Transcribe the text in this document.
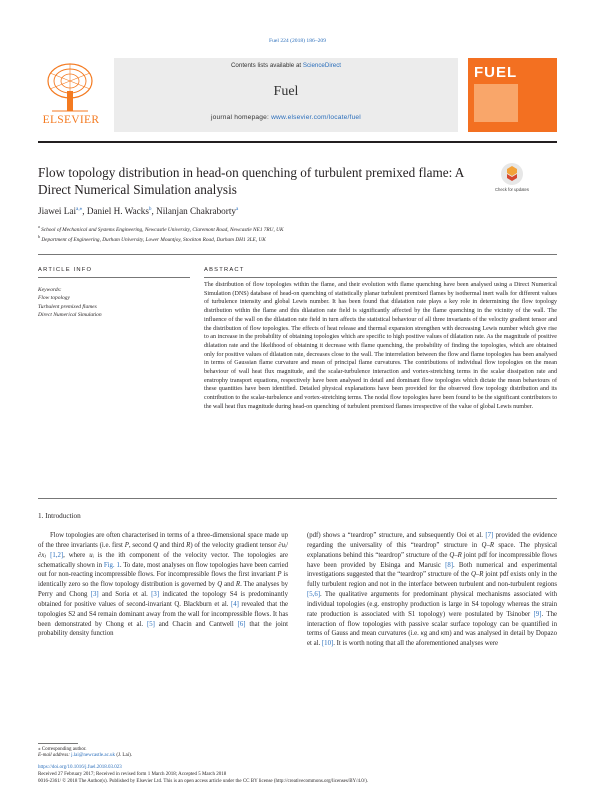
Fuel 224 (2018) 186–209
ELSEVIER
Contents lists available at ScienceDirect
Fuel
journal homepage: www.elsevier.com/locate/fuel
FUEL
Flow topology distribution in head-on quenching of turbulent premixed flame: A Direct Numerical Simulation analysis	Check for updates
Jiawei Lai$^{a,⁎}$, Daniel H. Wacks$^b$, Nilanjan Chakraborty$^a$
$^a$ School of Mechanical and Systems Engineering, Newcastle University, Claremont Road, Newcastle NE1 7RU, UK
$^b$ Department of Engineering, Durham University, Lower Mountjoy, Stockton Road, Durham DH1 3LE, UK
ARTICLE INFO	ABSTRACT
Keywords:
Flow topology
Turbulent premixed flames
Direct Numerical Simulation
The distribution of flow topologies within the flame, and their evolution with flame quenching have been analysed using a Direct Numerical Simulation (DNS) database of head-on quenching of statistically planar turbulent premixed flames by isothermal inert walls for different values of turbulence intensity and global Lewis number. It has been found that dilatation rate plays a key role in determining the flow topology distribution within the flame and this dilatation rate field is significantly affected by the flame quenching in the vicinity of the wall. The influence of the wall on the dilatation rate field in turn affects the statistical behaviour of all three invariants of the velocity gradient tensor and the distribution of flow topologies. The effects of heat release and thermal expansion strengthen with decreasing Lewis number which give rise to an increase in the probability of obtaining topologies which are specific to high positive values of dilatation rate. As the magnitude of positive dilatation rate and the likelihood of obtaining it decrease with flame quenching, the probability of finding the topologies, which are obtained only for positive values of dilatation rate, decreases close to the wall. The interrelation between the flow and flame topologies has been analysed in terms of Gaussian flame curvature and mean of principal flame curvatures. The contributions of individual flow topologies on the mean behaviour of wall heat flux magnitude, and the scalar-turbulence interaction and vortex-stretching terms in the scalar dissipation rate and enstrophy transport equations, respectively have been analysed in detail and dominant flow topologies which dictate the mean behaviours of these quantities have been identified. Detailed physical explanations have been provided for the observed flow topology distribution and its contribution to the scalar-turbulence and vortex-stretching terms. The nodal flow topologies have been found to be the significant contributors to the wall heat flux magnitude during head-on quenching of turbulent premixed flames irrespective of the value of global Lewis number.
1. Introduction
Flow topologies are often characterised in terms of a three-dimensional space made up of the three invariants (i.e. first P, second Q and third R) of the velocity gradient tensor ∂uᵢ/∂xⱼ [1,2], where uᵢ is the ith component of the velocity vector. The topologies are schematically shown in Fig. 1. To date, most analyses on flow topologies have been carried out for non-reacting incompressible flows. For incompressible flows the first invariant P is identically zero so the flow topology distribution is governed by Q and R. The analyses by Perry and Chong [3] and Soria et al. [3] indicated the topology S4 is predominantly obtained for positive values of second-invariant Q. Blackburn et al. [4] revealed that the topologies S2 and S4 remain dominant away from the wall for incompressible flows. It has been demonstrated by Chong et al. [5] and Chacin and Cantwell [6] that the joint probability density function
(pdf) shows a “teardrop” structure, and subsequently Ooi et al. [7] provided the evidence regarding the universality of this “teardrop” structure in Q–R space. The physical explanations behind this “teardrop” structure of the Q–R joint pdf for incompressible flows have been provided by Elsinga and Marusic [8]. Both numerical and experimental investigations suggested that the “teardrop” structure of the Q–R joint pdf exists only in the fully turbulent region and not in the interface between turbulent and non-turbulent regions [5,6]. The qualitative arguments for predominant physical mechanisms associated with individual topologies (e.g. enstrophy production is large in S4 topology whereas the strain rate production is associated with S1 topology) were postulated by Tsinober [9]. The interaction of flow topologies with passive scalar surface topology can be quantified in terms of Gauss and mean curvatures (i.e. κg and κm) and was analysed in detail by Dopazo et al. [10]. It is worth noting that all the aforementioned analyses were
⁎ Corresponding author.
E-mail address: j.lai@newcastle.ac.uk (J. Lai).
https://doi.org/10.1016/j.fuel.2018.03.023
Received 27 February 2017; Received in revised form 1 March 2018; Accepted 5 March 2018
0016-2361/ © 2018 The Author(s). Published by Elsevier Ltd. This is an open access article under the CC BY license (http://creativecommons.org/licenses/BY/4.0/).
